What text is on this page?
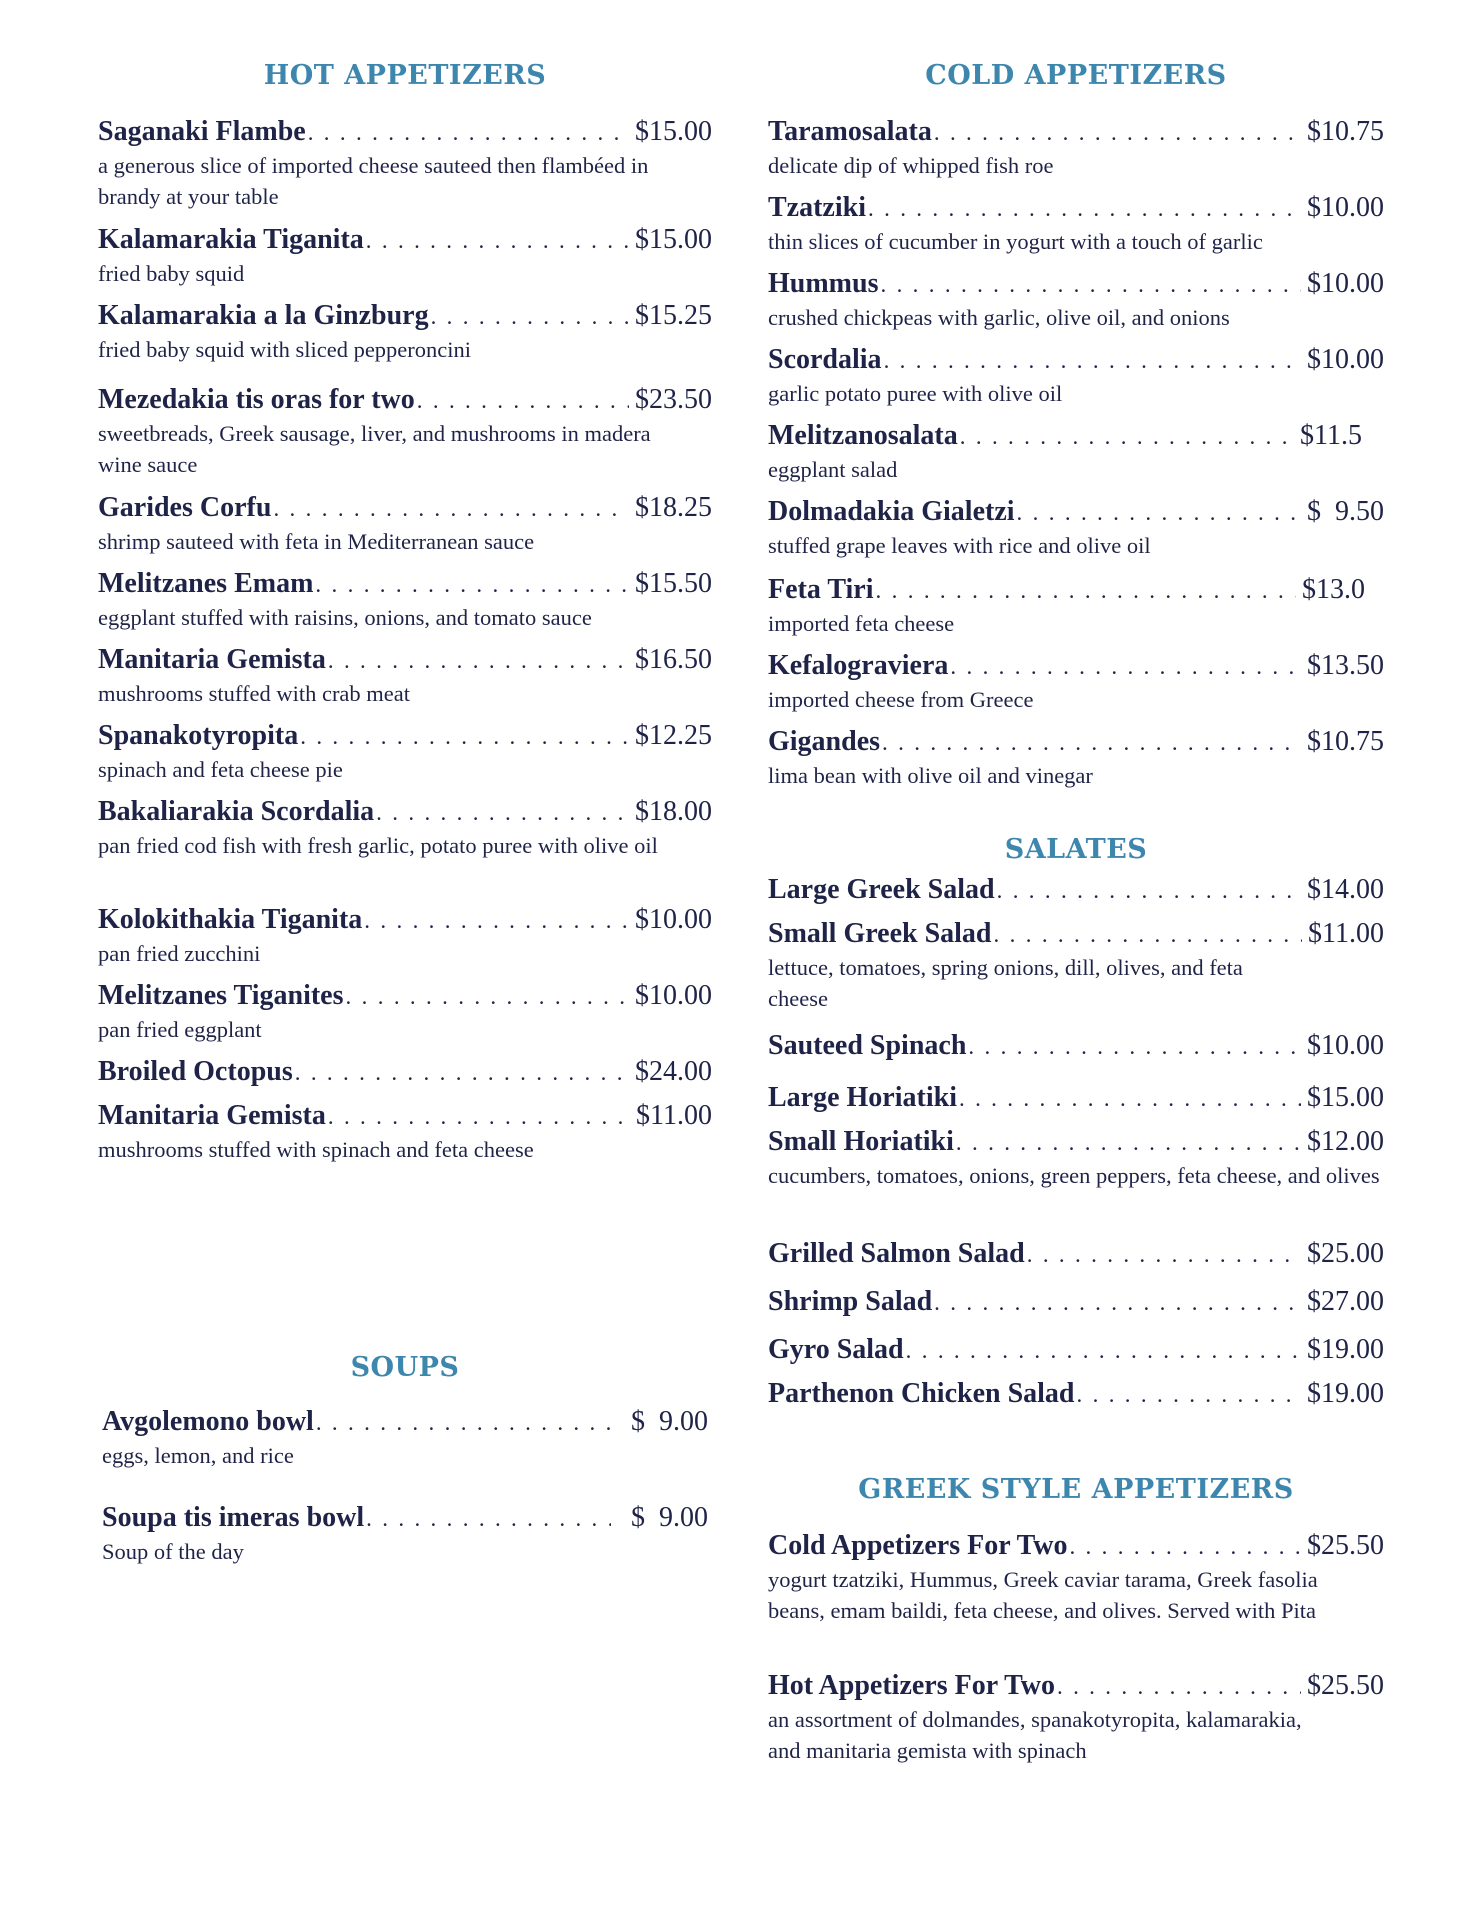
HOT APPETIZERS
Saganaki Flambe . . .	$15.00
a generous slice of imported cheese sauteed then flambéed in brandy at your table
Kalamarakia Tiganita . . .	$15.00
fried baby squid
Kalamarakia a la Ginzburg . . .	$15.25
fried baby squid with sliced pepperoncini
Mezedakia tis oras for two . . .	$23.50
sweetbreads, Greek sausage, liver, and mushrooms in madera wine sauce
Garides Corfu . . .	$18.25
shrimp sauteed with feta in Mediterranean sauce
Melitzanes Emam . . .	$15.50
eggplant stuffed with raisins, onions, and tomato sauce
Manitaria Gemista . . .	$16.50
mushrooms stuffed with crab meat
Spanakotyropita . . .	$12.25
spinach and feta cheese pie
Bakaliarakia Scordalia . . .	$18.00
pan fried cod fish with fresh garlic, potato puree with olive oil
Kolokithakia Tiganita . . .	$10.00
pan fried zucchini
Melitzanes Tiganites . . .	$10.00
pan fried eggplant
Broiled Octopus . . .	$24.00
Manitaria Gemista . . .	$11.00
mushrooms stuffed with spinach and feta cheese
SOUPS
Avgolemono bowl . . .	$  9.00
eggs, lemon, and rice
Soupa tis imeras bowl . . .	$  9.00
Soup of the day
COLD APPETIZERS
Taramosalata . . .	$10.75
delicate dip of whipped fish roe
Tzatziki . . .	$10.00
thin slices of cucumber in yogurt with a touch of garlic
Hummus . . .	$10.00
crushed chickpeas with garlic, olive oil, and onions
Scordalia . . .	$10.00
garlic potato puree with olive oil
Melitzanosalata . . .	$11.5
eggplant salad
Dolmadakia Gialetzi . . .	$  9.50
stuffed grape leaves with rice and olive oil
Feta Tiri . . .	$13.0
imported feta cheese
Kefalograviera . . .	$13.50
imported cheese from Greece
Gigandes . . .	$10.75
lima bean with olive oil and vinegar
SALATES
Large Greek Salad . . .	$14.00
Small Greek Salad . . .	$11.00
lettuce, tomatoes, spring onions, dill, olives, and feta cheese
Sauteed Spinach . . .	$10.00
Large Horiatiki . . .	$15.00
Small Horiatiki . . .	$12.00
cucumbers, tomatoes, onions, green peppers, feta cheese, and olives
Grilled Salmon Salad . . .	$25.00
Shrimp Salad . . .	$27.00
Gyro Salad . . .	$19.00
Parthenon Chicken Salad . . .	$19.00
GREEK STYLE APPETIZERS
Cold Appetizers For Two . . .	$25.50
yogurt tzatziki, Hummus, Greek caviar tarama, Greek fasolia beans, emam baildi, feta cheese, and olives. Served with Pita
Hot Appetizers For Two . . .	$25.50
an assortment of dolmandes, spanakotyropita, kalamarakia, and manitaria gemista with spinach
